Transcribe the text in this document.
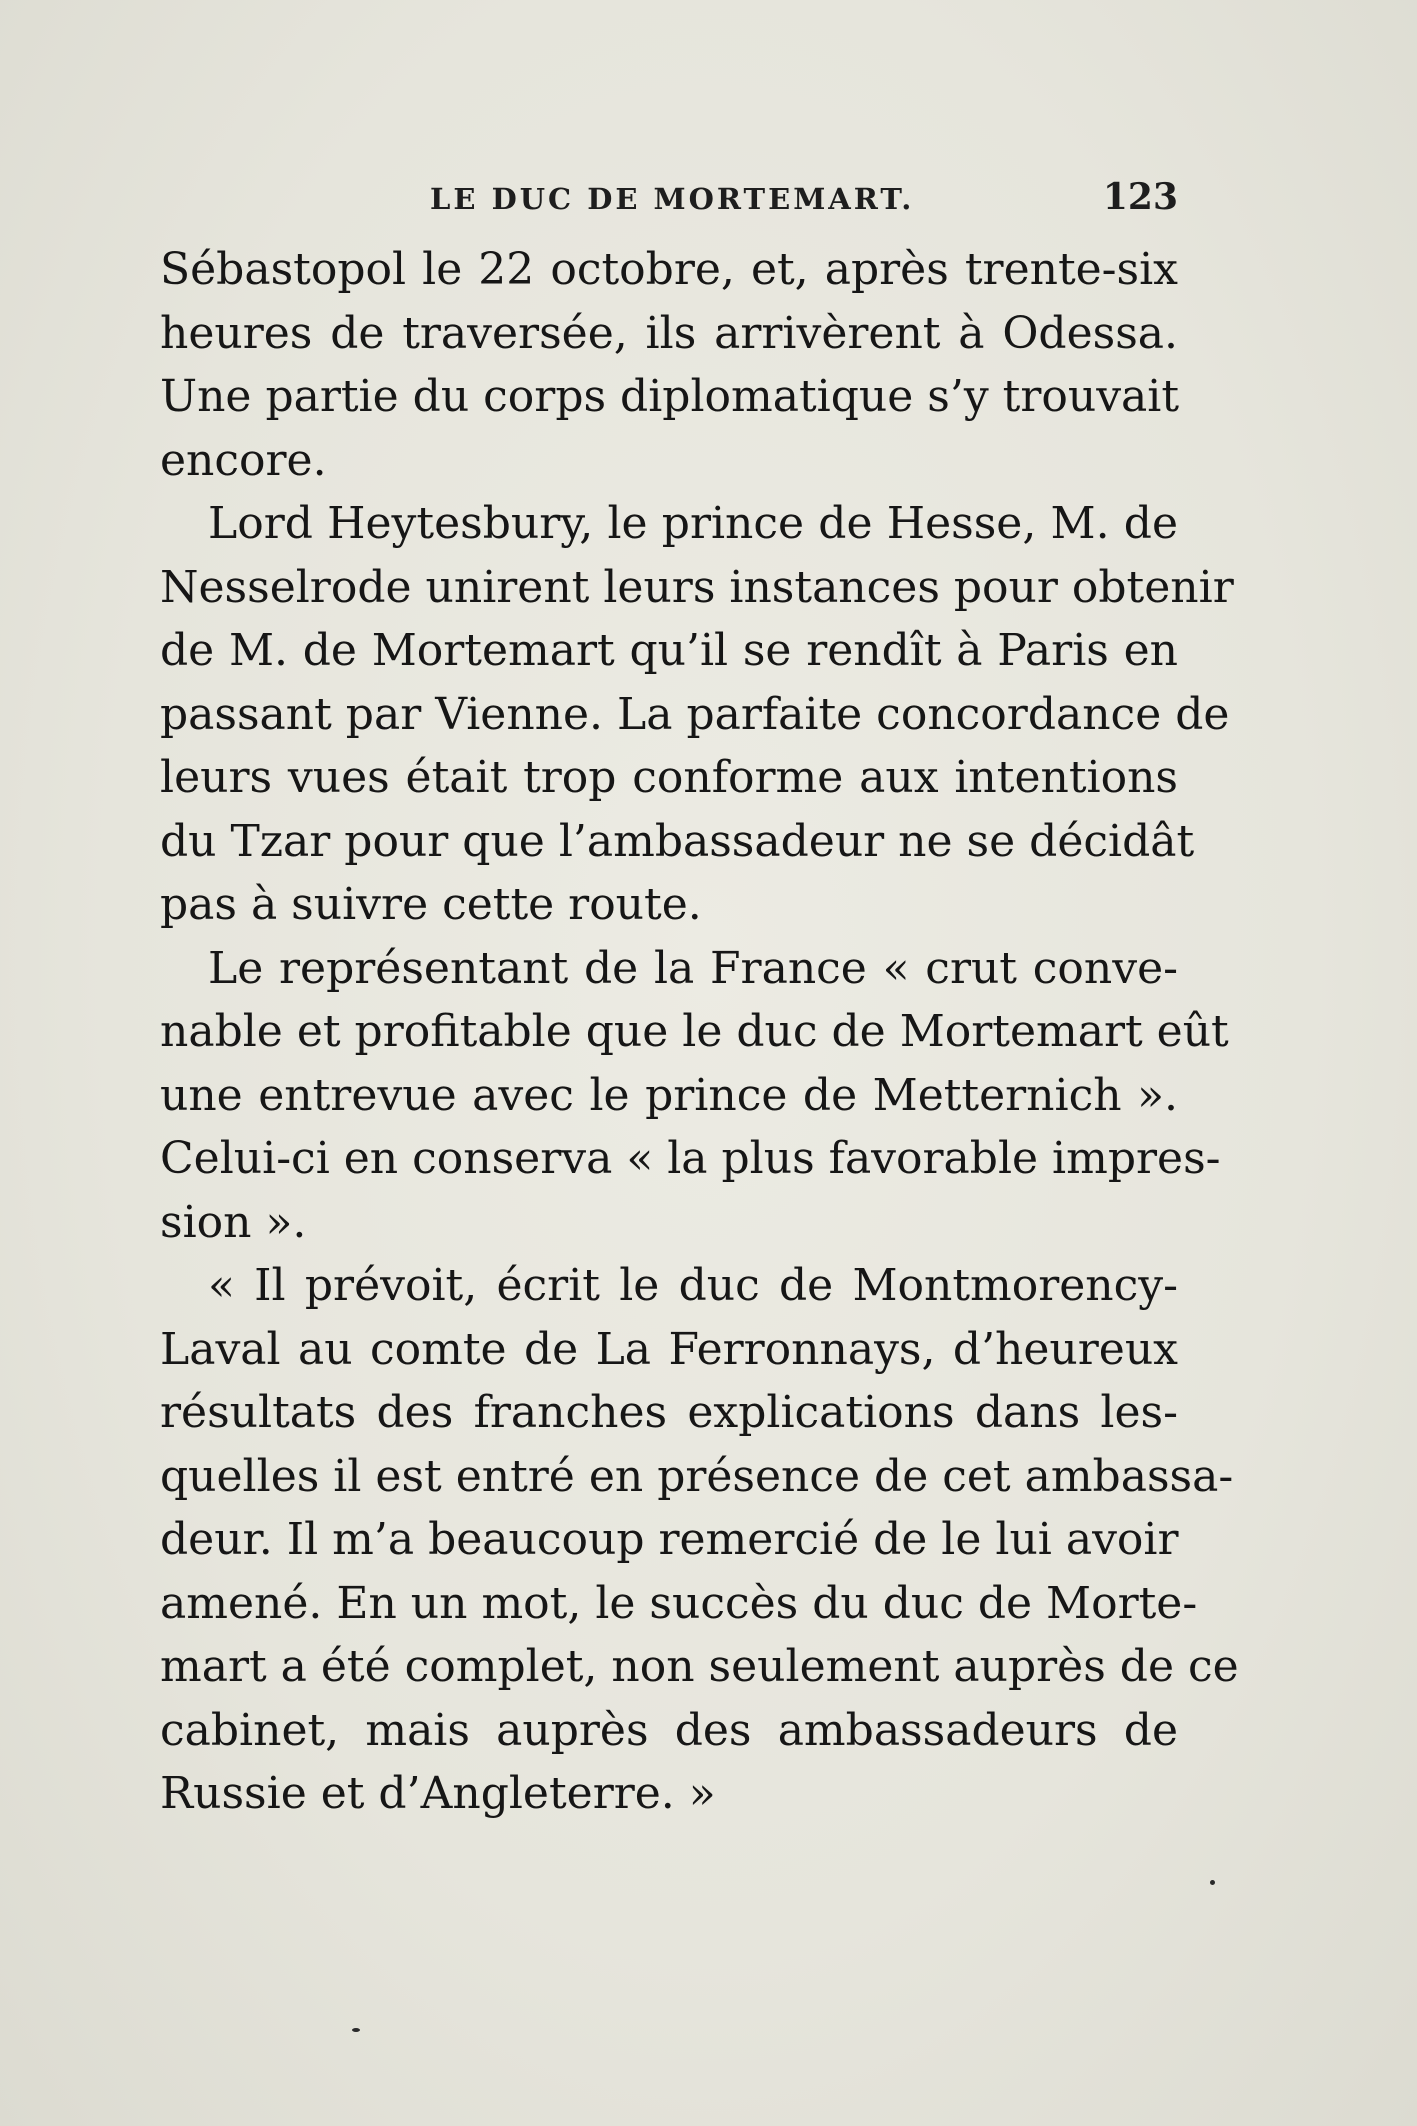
LE DUC DE MORTEMART.	123
Sébastopol le 22 octobre, et, après trente-six
heures de traversée, ils arrivèrent à Odessa.
Une partie du corps diplomatique s’y trouvait
encore.
Lord Heytesbury, le prince de Hesse, M. de
Nesselrode unirent leurs instances pour obtenir
de M. de Mortemart qu’il se rendît à Paris en
passant par Vienne. La parfaite concordance de
leurs vues était trop conforme aux intentions
du Tzar pour que l’ambassadeur ne se décidât
pas à suivre cette route.
Le représentant de la France « crut conve-
nable et profitable que le duc de Mortemart eût
une entrevue avec le prince de Metternich ».
Celui-ci en conserva « la plus favorable impres-
sion ».
« Il prévoit, écrit le duc de Montmorency-
Laval au comte de La Ferronnays, d’heureux
résultats des franches explications dans les-
quelles il est entré en présence de cet ambassa-
deur. Il m’a beaucoup remercié de le lui avoir
amené. En un mot, le succès du duc de Morte-
mart a été complet, non seulement auprès de ce
cabinet, mais auprès des ambassadeurs de
Russie et d’Angleterre. »
